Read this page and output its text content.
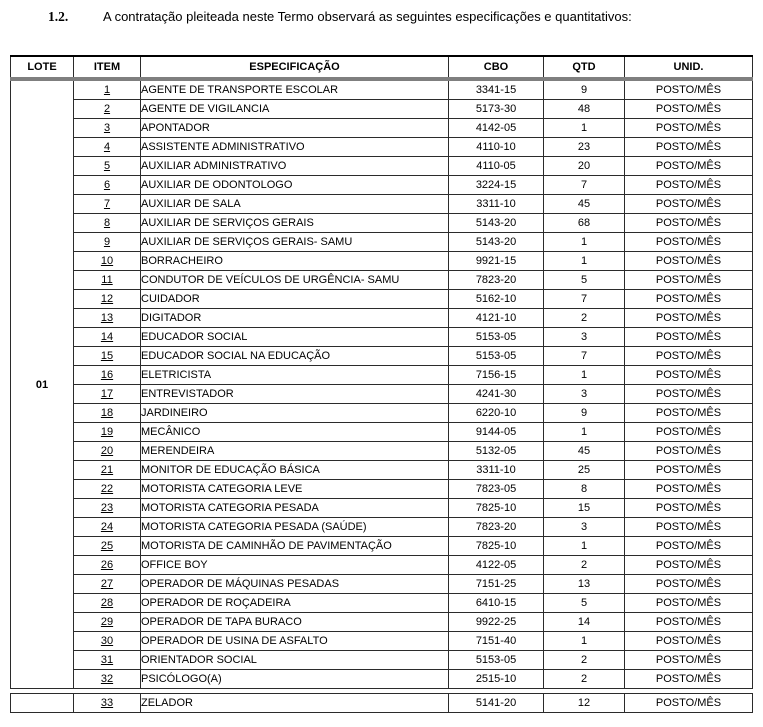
1.2.	A contratação pleiteada neste Termo observará as seguintes especificações e quantitativos:
LOTE	ITEM	ESPECIFICAÇÃO	CBO	QTD	UNID.
01	1	AGENTE DE TRANSPORTE ESCOLAR	3341-15	9	POSTO/MÊS
	2	AGENTE DE VIGILANCIA	5173-30	48	POSTO/MÊS
	3	APONTADOR	4142-05	1	POSTO/MÊS
	4	ASSISTENTE ADMINISTRATIVO	4110-10	23	POSTO/MÊS
	5	AUXILIAR ADMINISTRATIVO	4110-05	20	POSTO/MÊS
	6	AUXILIAR DE ODONTOLOGO	3224-15	7	POSTO/MÊS
	7	AUXILIAR DE SALA	3311-10	45	POSTO/MÊS
	8	AUXILIAR DE SERVIÇOS GERAIS	5143-20	68	POSTO/MÊS
	9	AUXILIAR DE SERVIÇOS GERAIS- SAMU	5143-20	1	POSTO/MÊS
	10	BORRACHEIRO	9921-15	1	POSTO/MÊS
	11	CONDUTOR DE VEÍCULOS DE URGÊNCIA- SAMU	7823-20	5	POSTO/MÊS
	12	CUIDADOR	5162-10	7	POSTO/MÊS
	13	DIGITADOR	4121-10	2	POSTO/MÊS
	14	EDUCADOR SOCIAL	5153-05	3	POSTO/MÊS
	15	EDUCADOR SOCIAL NA EDUCAÇÃO	5153-05	7	POSTO/MÊS
	16	ELETRICISTA	7156-15	1	POSTO/MÊS
	17	ENTREVISTADOR	4241-30	3	POSTO/MÊS
	18	JARDINEIRO	6220-10	9	POSTO/MÊS
	19	MECÂNICO	9144-05	1	POSTO/MÊS
	20	MERENDEIRA	5132-05	45	POSTO/MÊS
	21	MONITOR DE EDUCAÇÃO BÁSICA	3311-10	25	POSTO/MÊS
	22	MOTORISTA CATEGORIA LEVE	7823-05	8	POSTO/MÊS
	23	MOTORISTA CATEGORIA PESADA	7825-10	15	POSTO/MÊS
	24	MOTORISTA CATEGORIA PESADA (SAÚDE)	7823-20	3	POSTO/MÊS
	25	MOTORISTA DE CAMINHÃO DE PAVIMENTAÇÃO	7825-10	1	POSTO/MÊS
	26	OFFICE BOY	4122-05	2	POSTO/MÊS
	27	OPERADOR DE MÁQUINAS PESADAS	7151-25	13	POSTO/MÊS
	28	OPERADOR DE ROÇADEIRA	6410-15	5	POSTO/MÊS
	29	OPERADOR DE TAPA BURACO	9922-25	14	POSTO/MÊS
	30	OPERADOR DE USINA DE ASFALTO	7151-40	1	POSTO/MÊS
	31	ORIENTADOR SOCIAL	5153-05	2	POSTO/MÊS
	32	PSICÓLOGO(A)	2515-10	2	POSTO/MÊS
	33	ZELADOR	5141-20	12	POSTO/MÊS
